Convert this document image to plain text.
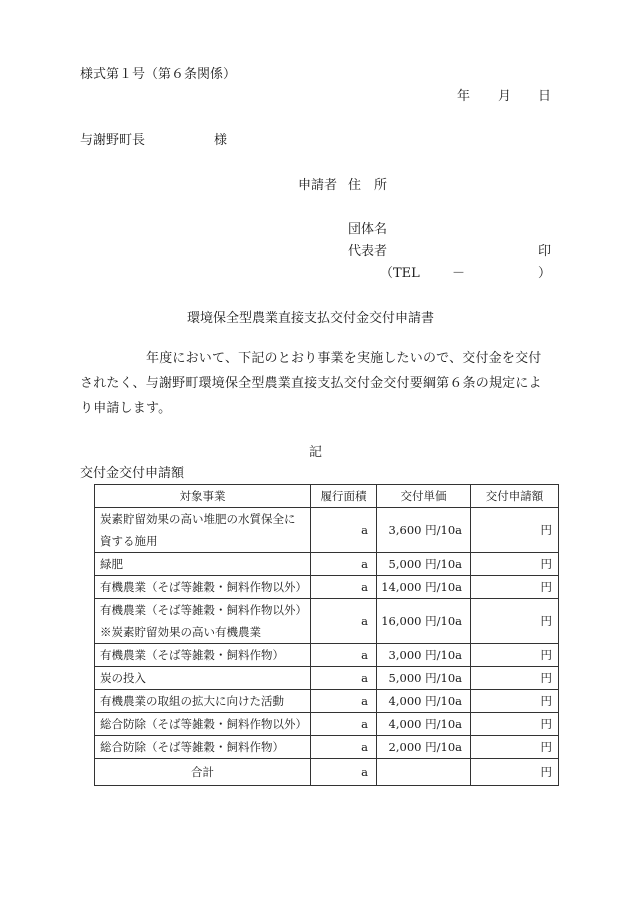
様式第１号（第６条関係）
年 月 日
与謝野町長	様
申請者 住　所
団体名
代表者	印
（TEL －	）
環境保全型農業直接支払交付金交付申請書
　　　　　年度において、下記のとおり事業を実施したいので、交付金を交付
されたく、与謝野町環境保全型農業直接支払交付金交付要綱第６条の規定によ
り申請します。
記
交付金交付申請額
対象事業	履行面積	交付単価	交付申請額

炭素貯留効果の高い堆肥の水質保全に
資する施用	a	3,600 円/10a	円

緑肥	a	5,000 円/10a	円

有機農業（そば等雑穀・飼料作物以外）	a	14,000 円/10a	円

有機農業（そば等雑穀・飼料作物以外）
※炭素貯留効果の高い有機農業	a	16,000 円/10a	円

有機農業（そば等雑穀・飼料作物）	a	3,000 円/10a	円

炭の投入	a	5,000 円/10a	円

有機農業の取組の拡大に向けた活動	a	4,000 円/10a	円

総合防除（そば等雑穀・飼料作物以外）	a	4,000 円/10a	円

総合防除（そば等雑穀・飼料作物）	a	2,000 円/10a	円
合計	a		円
